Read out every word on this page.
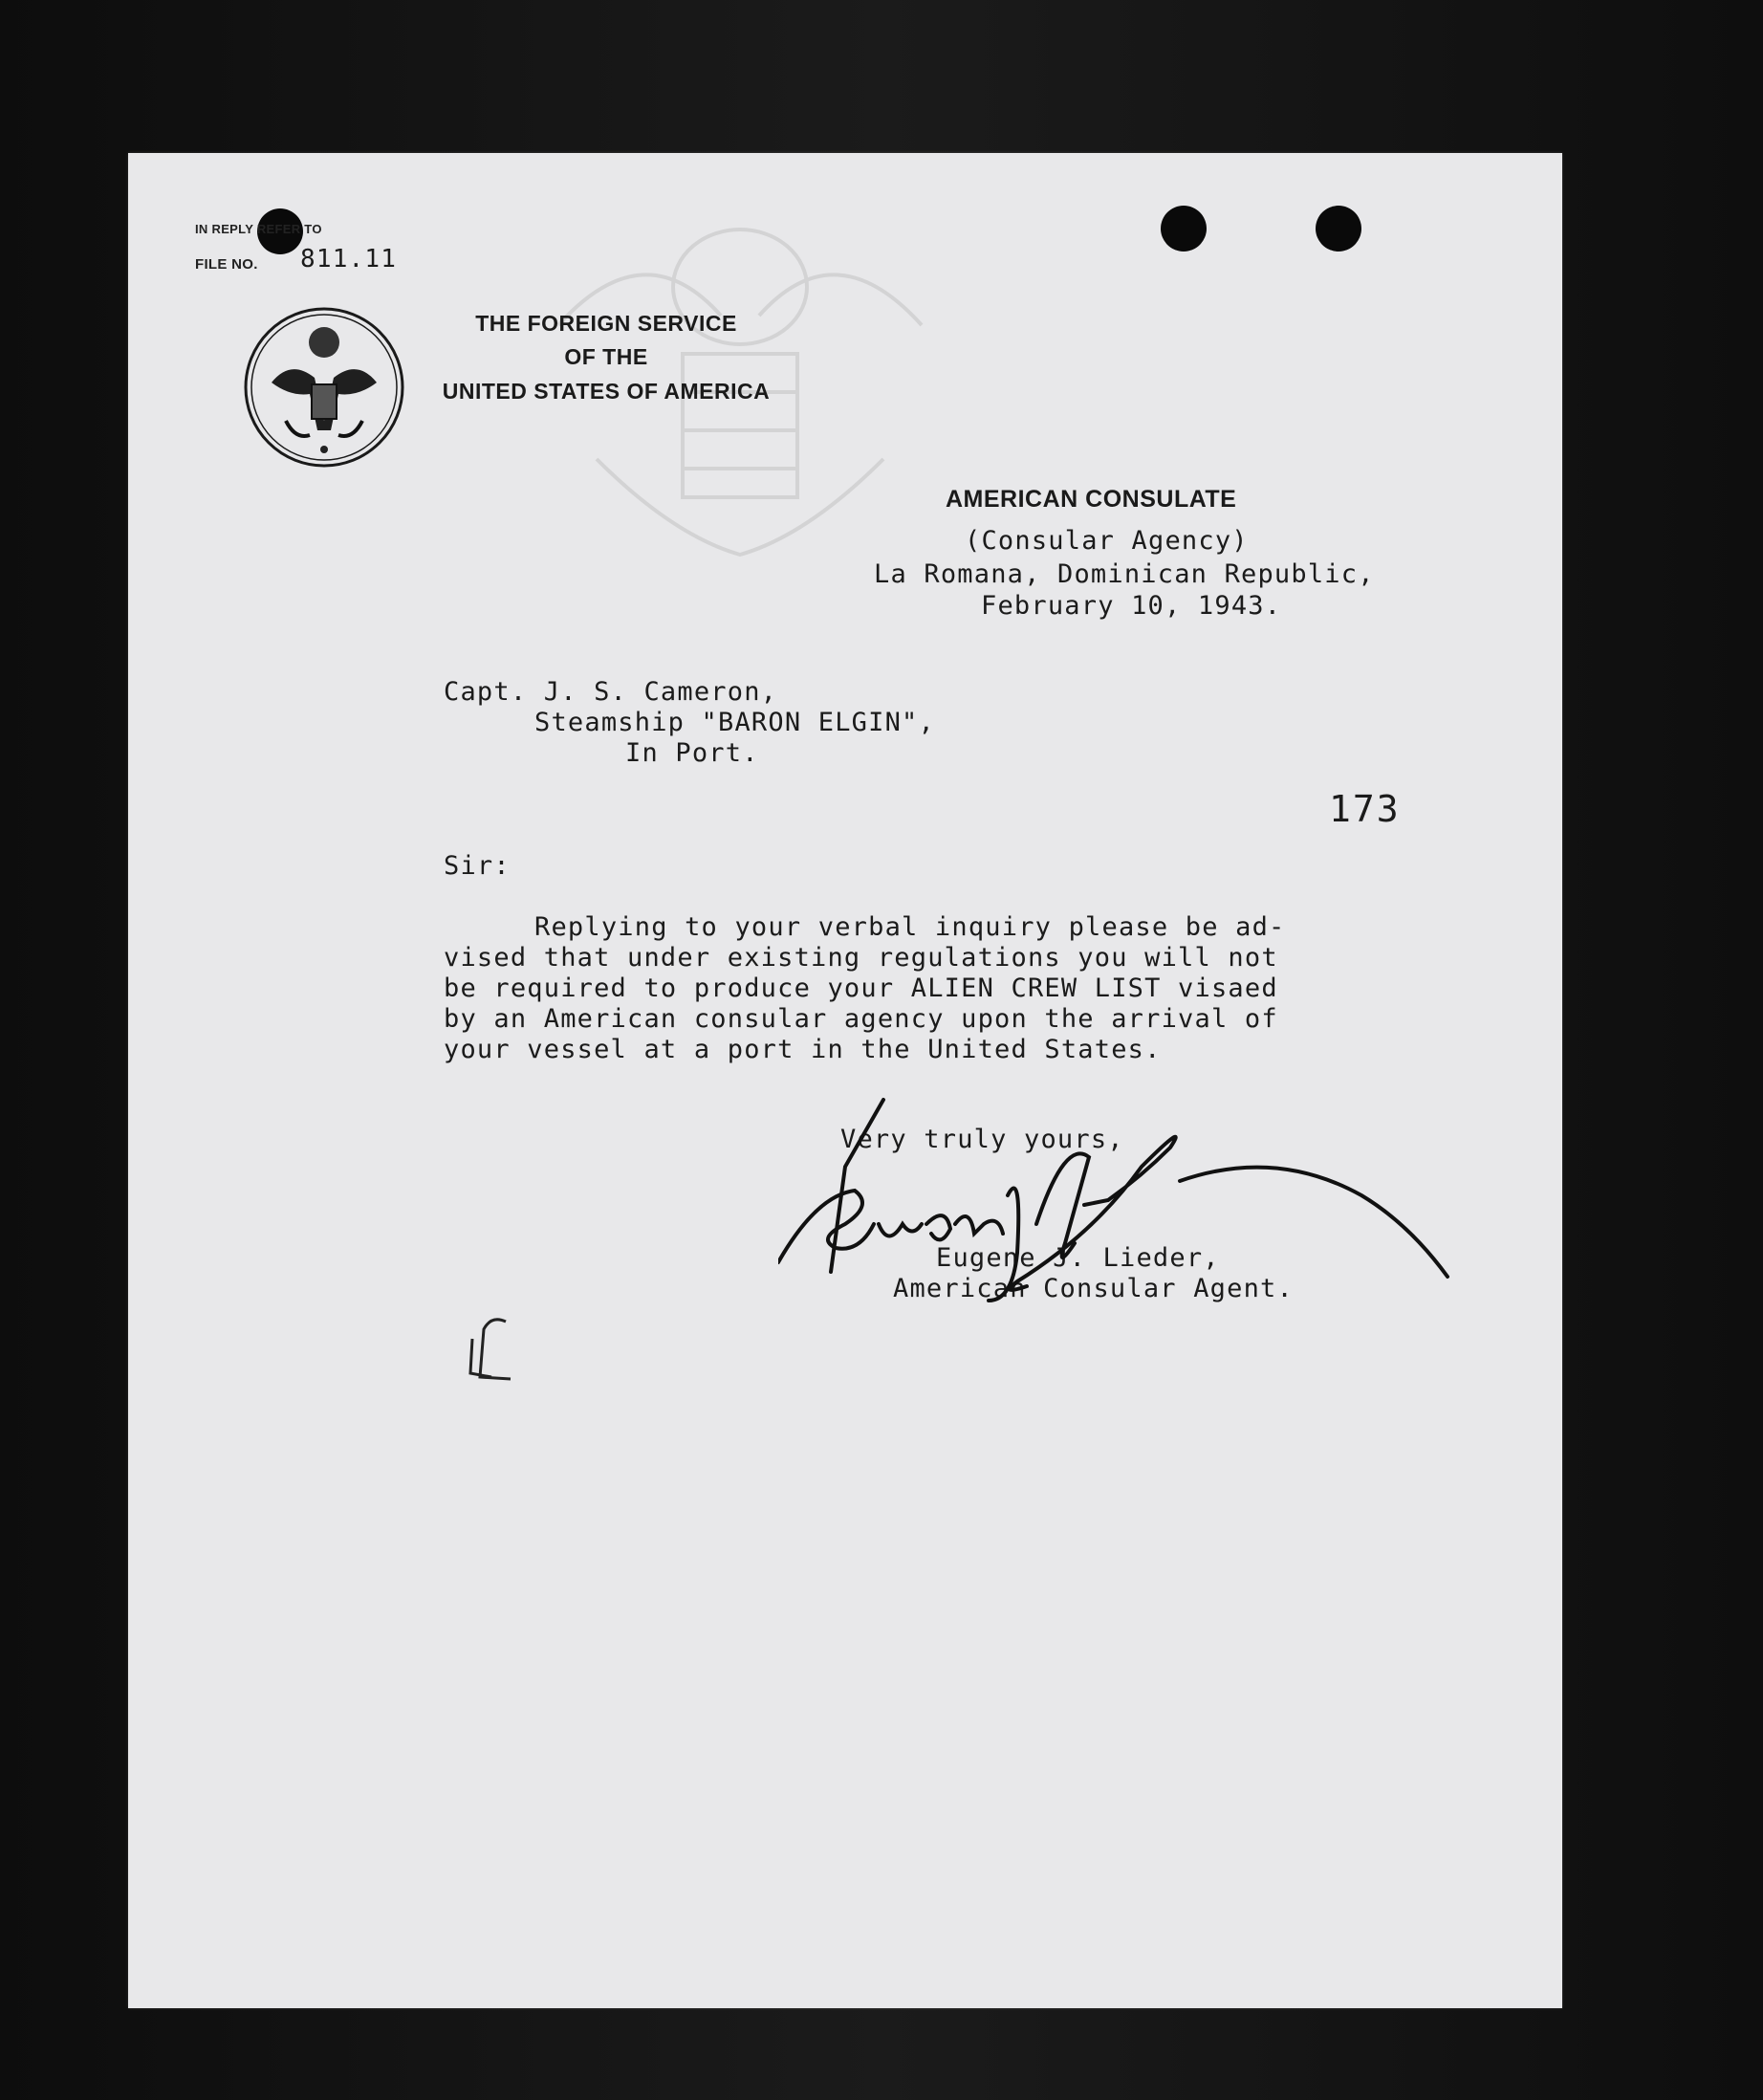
IN REPLY REFER TO
FILE NO. 811.11
THE FOREIGN SERVICE
OF THE
UNITED STATES OF AMERICA
AMERICAN CONSULATE
(Consular Agency)
La Romana, Dominican Republic,
February 10, 1943.
Capt. J. S. Cameron,
Steamship "BARON ELGIN",
In Port.
173
Sir:
Replying to your verbal inquiry please be ad-
vised that under existing regulations you will not
be required to produce your ALIEN CREW LIST visaed
by an American consular agency upon the arrival of
your vessel at a port in the United States.
Very truly yours,
Eugene J. Lieder,
American Consular Agent.
